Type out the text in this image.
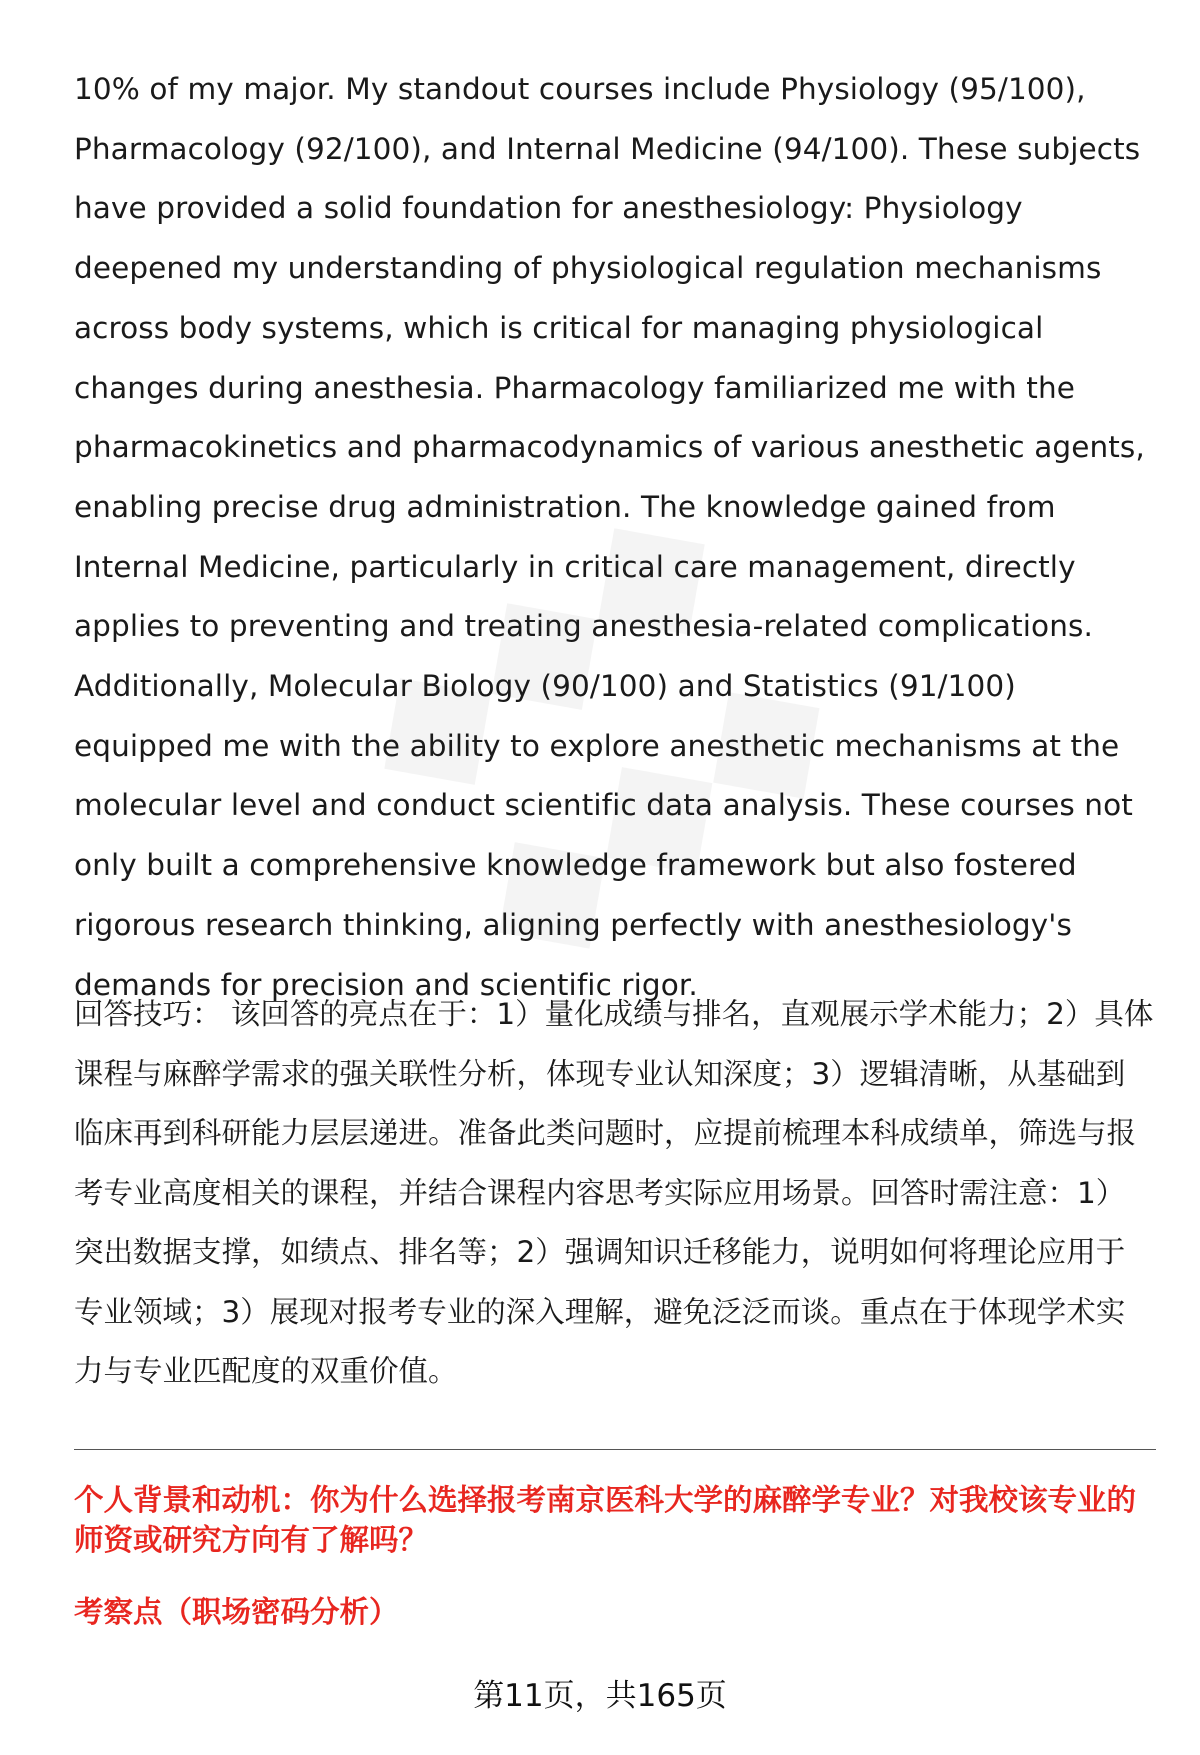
10% of my major. My standout courses include Physiology (95/100), Pharmacology (92/100), and Internal Medicine (94/100). These subjects have provided a solid foundation for anesthesiology: Physiology deepened my understanding of physiological regulation mechanisms across body systems, which is critical for managing physiological changes during anesthesia. Pharmacology familiarized me with the pharmacokinetics and pharmacodynamics of various anesthetic agents, enabling precise drug administration. The knowledge gained from Internal Medicine, particularly in critical care management, directly applies to preventing and treating anesthesia-related complications. Additionally, Molecular Biology (90/100) and Statistics (91/100) equipped me with the ability to explore anesthetic mechanisms at the molecular level and conduct scientific data analysis. These courses not only built a comprehensive knowledge framework but also fostered rigorous research thinking, aligning perfectly with anesthesiology's demands for precision and scientific rigor.

回答技巧： 该回答的亮点在于：1）量化成绩与排名，直观展示学术能力；2）具体课程与麻醉学需求的强关联性分析，体现专业认知深度；3）逻辑清晰，从基础到临床再到科研能力层层递进。准备此类问题时，应提前梳理本科成绩单，筛选与报考专业高度相关的课程，并结合课程内容思考实际应用场景。回答时需注意：1）突出数据支撑，如绩点、排名等；2）强调知识迁移能力，说明如何将理论应用于专业领域；3）展现对报考专业的深入理解，避免泛泛而谈。重点在于体现学术实力与专业匹配度的双重价值。

个人背景和动机：你为什么选择报考南京医科大学的麻醉学专业？对我校该专业的师资或研究方向有了解吗？

考察点（职场密码分析）

第11页，共165页
